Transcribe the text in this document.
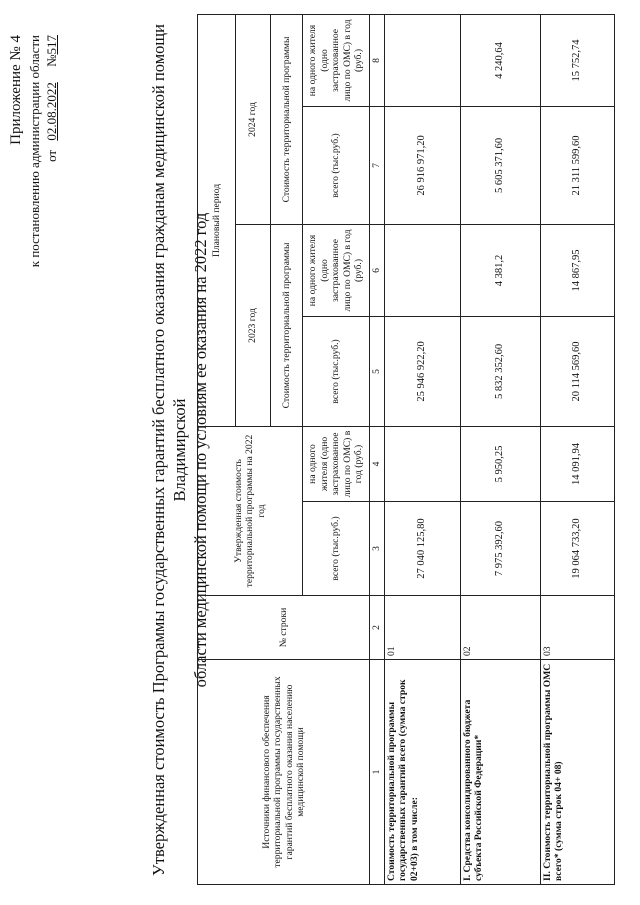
Приложение № 4 к постановлению администрации области от 02.08.2022 №517	Утвержденная стоимость Программы государственных гарантий бесплатного оказания гражданам медицинской помощи Владимирской области медицинской помощи по условиям ее оказания на 2022 год
Источники финансового обеспечения территориальной программы государственных гарантий бесплатного оказания населению медицинской помощи	№ строки	Утвержденная стоимость территориальной программы на 2022 год		Плановый период			
				2023 год		2024 год	
				Стоимость территориальной программы		Стоимость территориальной программы	
		всего (тыс.руб.)	на одного жителя (одно застрахованное лицо по ОМС) в год (руб.)	всего (тыс.руб.)	на одного жителя (одно застрахованное лицо по ОМС) в год (руб.)	всего (тыс.руб.)	на одного жителя (одно застрахованное лицо по ОМС) в год (руб.)
1	2	3	4	5	6	7	8
Стоимость территориальной программы государственных гарантий всего (сумма строк 02+03) в том числе:	01	27 040 125,80		25 946 922,20		26 916 971,20	
I. Средства консолидированного бюджета субъекта Российской Федерации*	02	7 975 392,60	5 950,25	5 832 352,60	4 381,2	5 605 371,60	4 240,64
II. Стоимость территориальной программы ОМС всего* (сумма строк 04+ 08)	03	19 064 733,20	14 091,94	20 114 569,60	14 867,95	21 311 599,60	15 752,74
